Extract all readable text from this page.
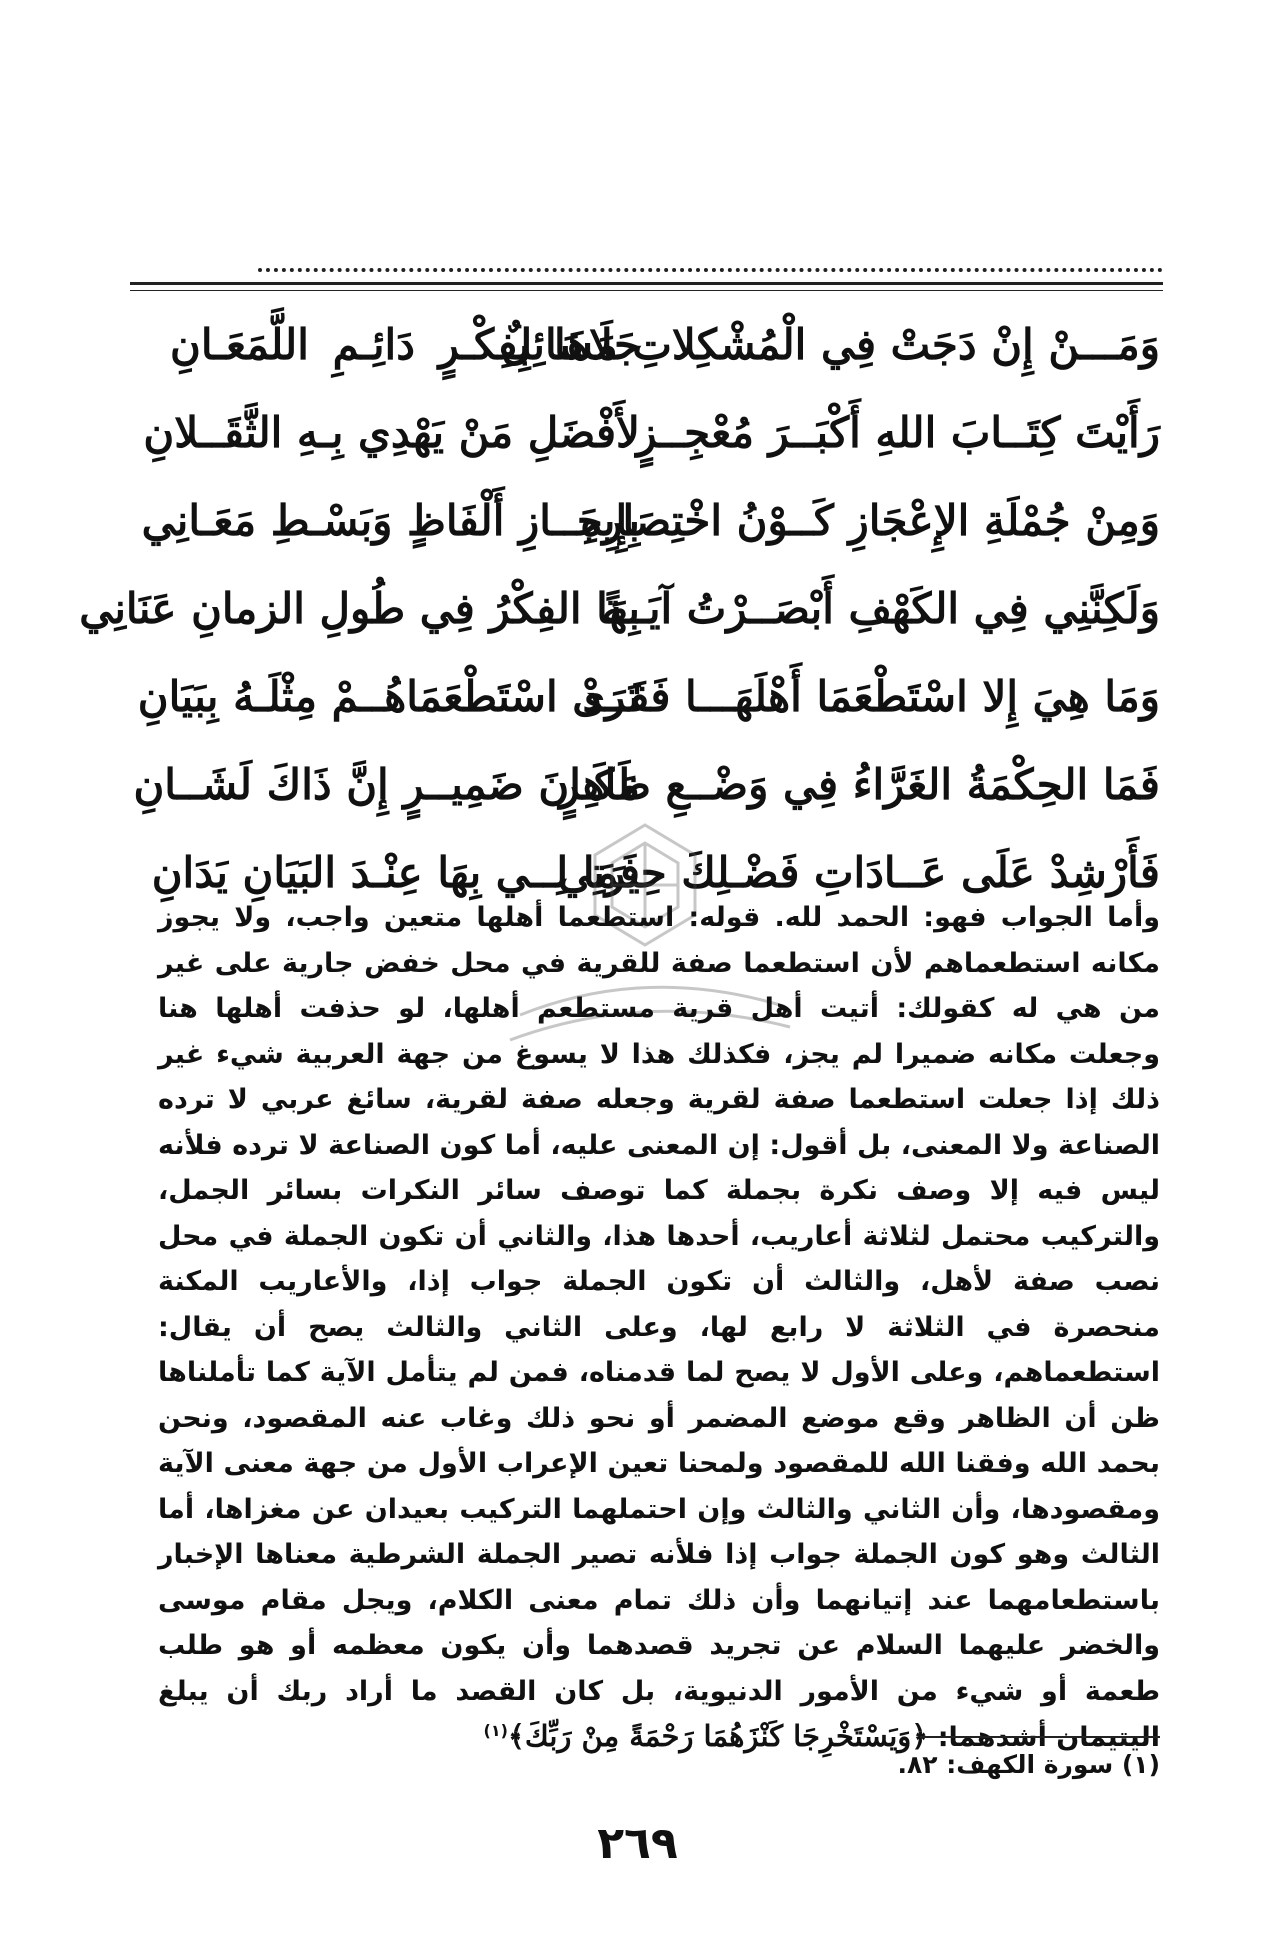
وَمَـــنْ إِنْ دَجَتْ فِي الْمُشْكِلاتِ مَسَائِلٌ
جَلَاهَا بِفِكْـرٍ دَائِـمِ اللَّمَعَـانِ
رَأَيْتَ كِتَــابَ اللهِ أَكْبَــرَ مُعْجِــزٍ
لأَفْضَلِ مَنْ يَهْدِي بِـهِ الثَّقَــلانِ
وَمِنْ جُمْلَةِ الإِعْجَازِ كَــوْنُ اخْتِصَارِهِ
بِإِيجَــازِ أَلْفَاظٍ وَبَسْـطِ مَعَـانِي
وَلَكِنَّنِي فِي الكَهْفِ أَبْصَــرْتُ آيَــةً
بِهَا الفِكْرُ فِي طُولِ الزمانِ عَنَانِي
وَمَا هِيَ إِلا اسْتَطْعَمَا أَهْلَهَـــا فَقَــدْ
تَرَى اسْتَطْعَمَاهُــمْ مِثْلَـهُ بِبَيَانِ
فَمَا الحِكْمَةُ الغَرَّاءُ فِي وَضْــعِ ظَاهِرٍ
مَكَـانَ ضَمِيــرٍ إِنَّ ذَاكَ لَشَــانِ
فَأَرْشِدْ عَلَى عَــادَاتِ فَضْـلِكَ حِيرَتِي
فَمَا لِــي بِهَا عِنْـدَ البَيَانِ يَدَانِ
وأما الجواب فهو: الحمد لله. قوله: استطعما أهلها متعين واجب، ولا يجوز مكانه استطعماهم لأن استطعما صفة للقرية في محل خفض جارية على غير من هي له كقولك: أتيت أهل قرية مستطعم أهلها، لو حذفت أهلها هنا وجعلت مكانه ضميرا لم يجز، فكذلك هذا لا يسوغ من جهة العربية شيء غير ذلك إذا جعلت استطعما صفة لقرية وجعله صفة لقرية، سائغ عربي لا ترده الصناعة ولا المعنى، بل أقول: إن المعنى عليه، أما كون الصناعة لا ترده فلأنه ليس فيه إلا وصف نكرة بجملة كما توصف سائر النكرات بسائر الجمل، والتركيب محتمل لثلاثة أعاريب، أحدها هذا، والثاني أن تكون الجملة في محل نصب صفة لأهل، والثالث أن تكون الجملة جواب إذا، والأعاريب المكنة منحصرة في الثلاثة لا رابع لها، وعلى الثاني والثالث يصح أن يقال: استطعماهم، وعلى الأول لا يصح لما قدمناه، فمن لم يتأمل الآية كما تأملناها ظن أن الظاهر وقع موضع المضمر أو نحو ذلك وغاب عنه المقصود، ونحن بحمد الله وفقنا الله للمقصود ولمحنا تعين الإعراب الأول من جهة معنى الآية ومقصودها، وأن الثاني والثالث وإن احتملهما التركيب بعيدان عن مغزاها، أما الثالث وهو كون الجملة جواب إذا فلأنه تصير الجملة الشرطية معناها الإخبار باستطعامهما عند إتيانهما وأن ذلك تمام معنى الكلام، ويجل مقام موسى والخضر عليهما السلام عن تجريد قصدهما وأن يكون معظمه أو هو طلب طعمة أو شيء من الأمور الدنيوية، بل كان القصد ما أراد ربك أن يبلغ اليتيمان أشدهما: ﴿وَيَسْتَخْرِجَا كَنْزَهُمَا رَحْمَةً مِنْ رَبِّكَ﴾$^{(١)}$
(١) سورة الكهف: ٨٢.
٢٦٩
